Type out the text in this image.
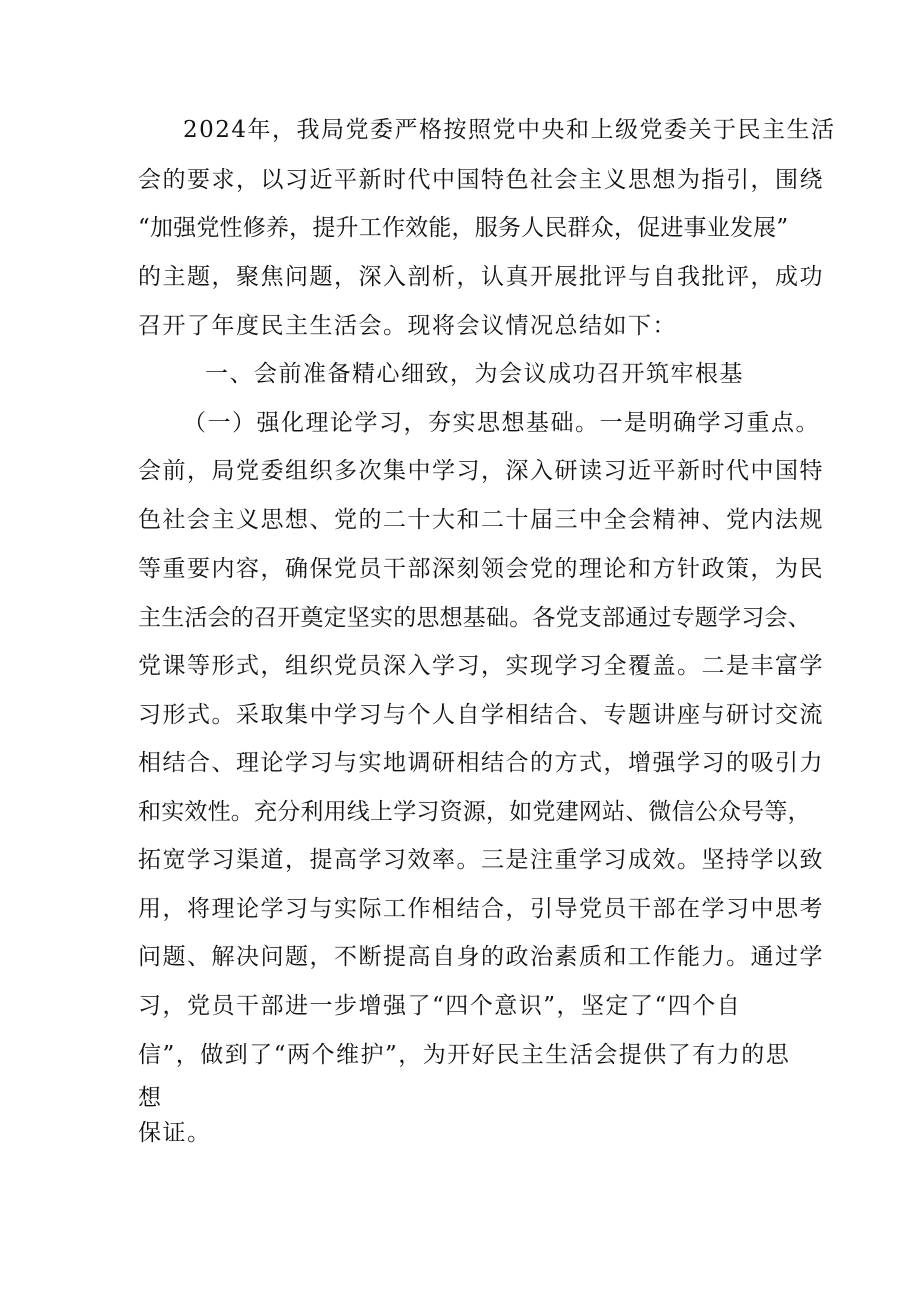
2024年，我局党委严格按照党中央和上级党委关于民主生活
会的要求，以习近平新时代中国特色社会主义思想为指引，围绕
“加强党性修养，提升工作效能，服务人民群众，促进事业发展”
的主题，聚焦问题，深入剖析，认真开展批评与自我批评，成功
召开了年度民主生活会。现将会议情况总结如下：
一、会前准备精心细致，为会议成功召开筑牢根基
（一）强化理论学习，夯实思想基础。一是明确学习重点。
会前，局党委组织多次集中学习，深入研读习近平新时代中国特
色社会主义思想、党的二十大和二十届三中全会精神、党内法规
等重要内容，确保党员干部深刻领会党的理论和方针政策，为民
主生活会的召开奠定坚实的思想基础。各党支部通过专题学习会、
党课等形式，组织党员深入学习，实现学习全覆盖。二是丰富学
习形式。采取集中学习与个人自学相结合、专题讲座与研讨交流
相结合、理论学习与实地调研相结合的方式，增强学习的吸引力
和实效性。充分利用线上学习资源，如党建网站、微信公众号等，
拓宽学习渠道，提高学习效率。三是注重学习成效。坚持学以致
用，将理论学习与实际工作相结合，引导党员干部在学习中思考
问题、解决问题，不断提高自身的政治素质和工作能力。通过学
习，党员干部进一步增强了“四个意识”，坚定了“四个自
信”，做到了“两个维护”，为开好民主生活会提供了有力的思
想
保证。
